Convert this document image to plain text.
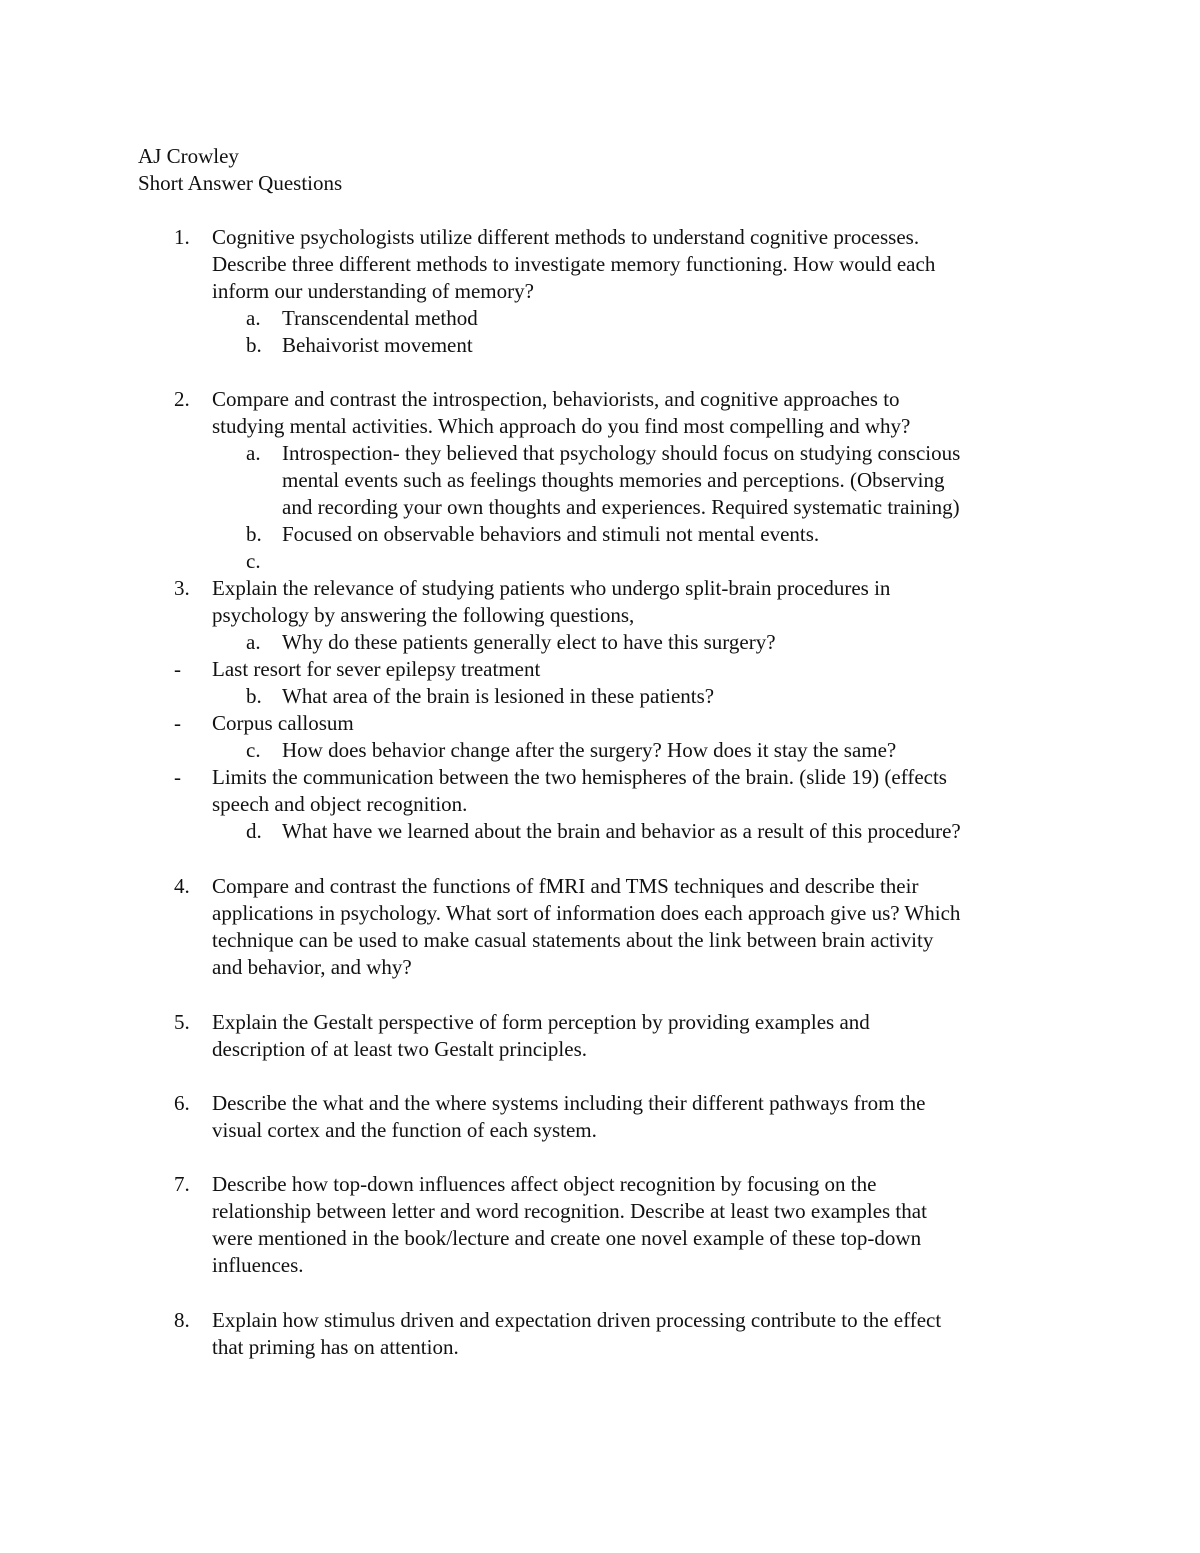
AJ Crowley
Short Answer Questions
1. Cognitive psychologists utilize different methods to understand cognitive processes.
Describe three different methods to investigate memory functioning. How would each
inform our understanding of memory?
a. Transcendental method
b. Behaivorist movement
2. Compare and contrast the introspection, behaviorists, and cognitive approaches to
studying mental activities. Which approach do you find most compelling and why?
a. Introspection- they believed that psychology should focus on studying conscious
mental events such as feelings thoughts memories and perceptions. (Observing
and recording your own thoughts and experiences. Required systematic training)
b. Focused on observable behaviors and stimuli not mental events.
c.
3. Explain the relevance of studying patients who undergo split-brain procedures in
psychology by answering the following questions,
a. Why do these patients generally elect to have this surgery?
- Last resort for sever epilepsy treatment
b. What area of the brain is lesioned in these patients?
- Corpus callosum
c. How does behavior change after the surgery? How does it stay the same?
- Limits the communication between the two hemispheres of the brain. (slide 19) (effects
speech and object recognition.
d. What have we learned about the brain and behavior as a result of this procedure?
4. Compare and contrast the functions of fMRI and TMS techniques and describe their
applications in psychology. What sort of information does each approach give us? Which
technique can be used to make casual statements about the link between brain activity
and behavior, and why?
5. Explain the Gestalt perspective of form perception by providing examples and
description of at least two Gestalt principles.
6. Describe the what and the where systems including their different pathways from the
visual cortex and the function of each system.
7. Describe how top-down influences affect object recognition by focusing on the
relationship between letter and word recognition. Describe at least two examples that
were mentioned in the book/lecture and create one novel example of these top-down
influences.
8. Explain how stimulus driven and expectation driven processing contribute to the effect
that priming has on attention.
